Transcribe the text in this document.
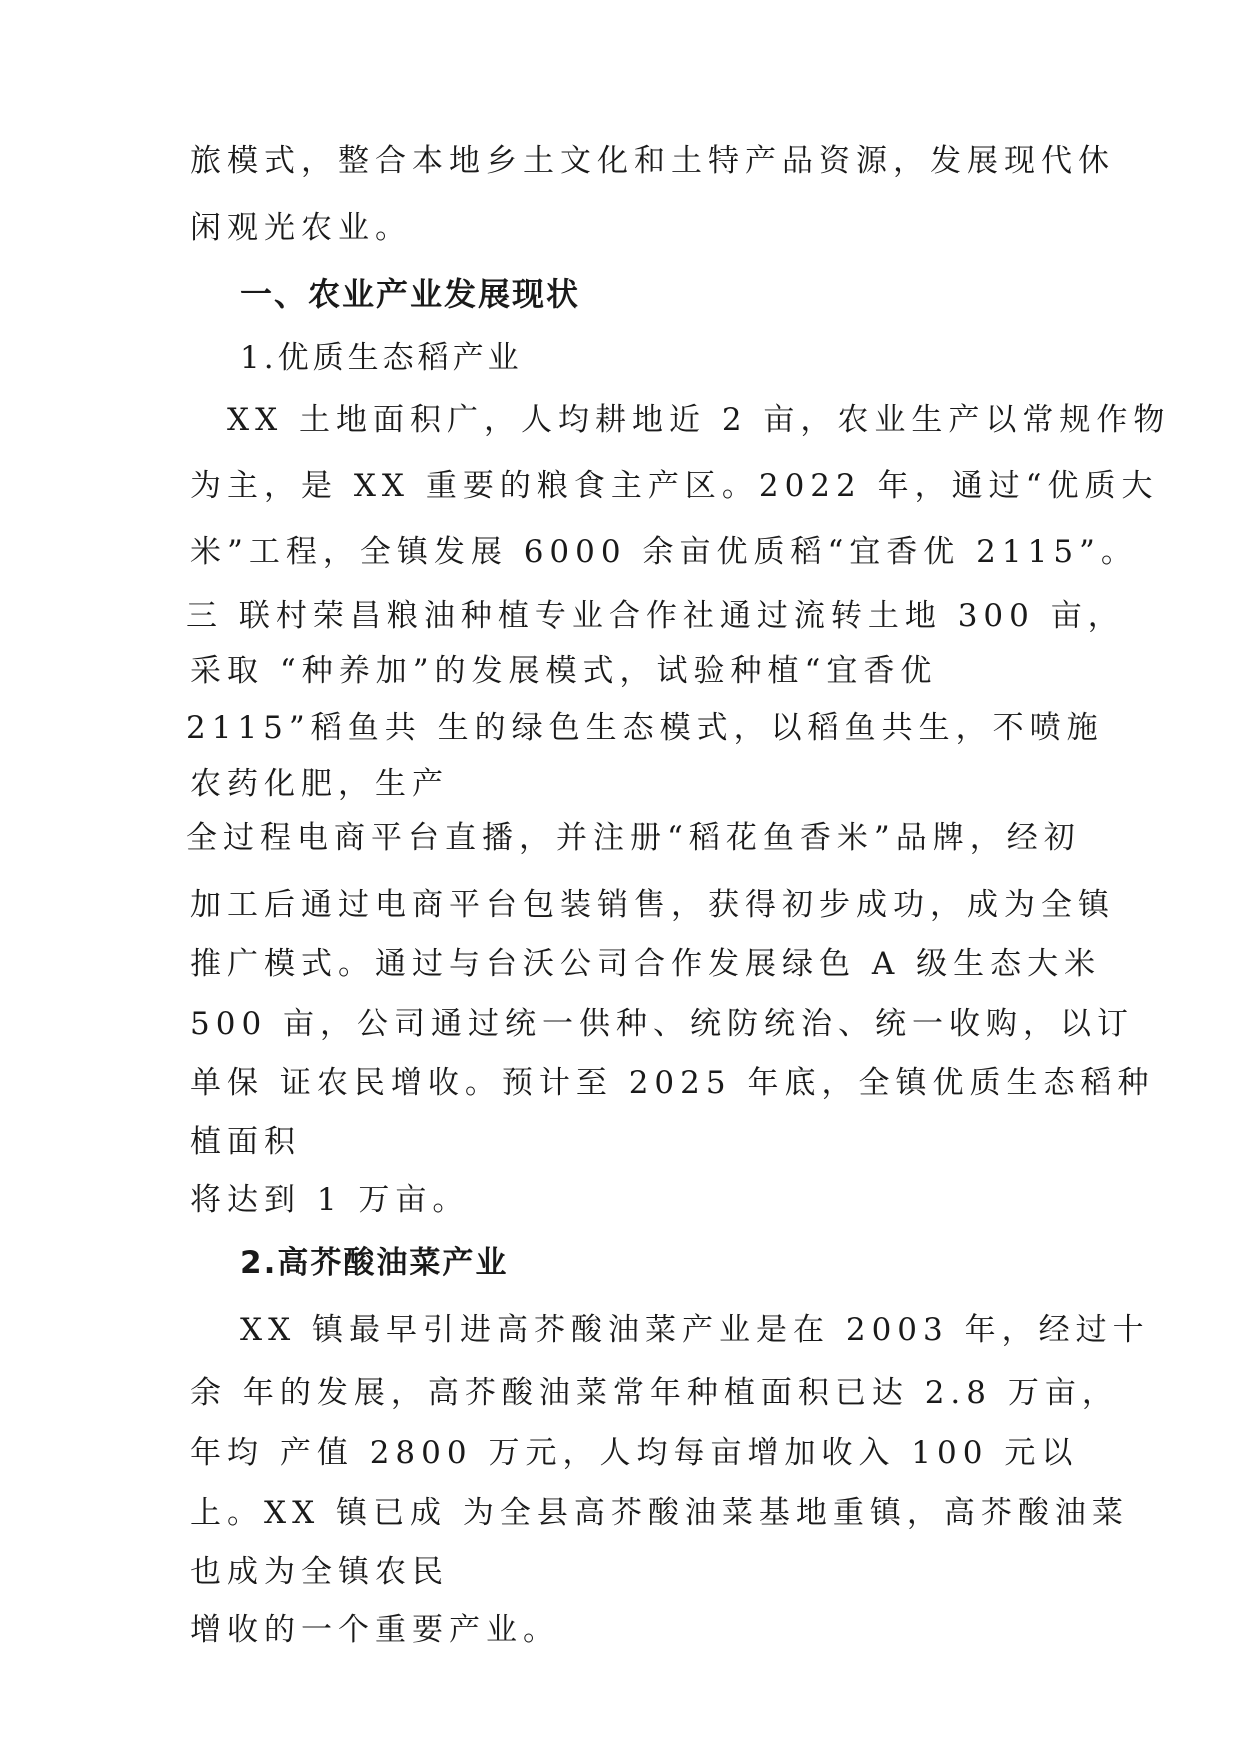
旅模式，整合本地乡土文化和土特产品资源，发展现代休
闲观光农业。
一、农业产业发展现状
1.优质生态稻产业
XX 土地面积广，人均耕地近 2 亩，农业生产以常规作物
为主，是 XX 重要的粮食主产区。2022 年，通过“优质大
米”工程，全镇发展 6000 余亩优质稻“宜香优 2115”。
三 联村荣昌粮油种植专业合作社通过流转土地 300 亩，
采取 “种养加”的发展模式，试验种植“宜香优
2115”稻鱼共 生的绿色生态模式，以稻鱼共生，不喷施
农药化肥，生产
全过程电商平台直播，并注册“稻花鱼香米”品牌，经初
加工后通过电商平台包装销售，获得初步成功，成为全镇
推广模式。通过与台沃公司合作发展绿色 A 级生态大米
500 亩，公司通过统一供种、统防统治、统一收购，以订
单保 证农民增收。预计至 2025 年底，全镇优质生态稻种
植面积
将达到 1 万亩。
2.高芥酸油菜产业
XX 镇最早引进高芥酸油菜产业是在 2003 年，经过十
余 年的发展，高芥酸油菜常年种植面积已达 2.8 万亩，
年均 产值 2800 万元，人均每亩增加收入 100 元以
上。XX 镇已成 为全县高芥酸油菜基地重镇，高芥酸油菜
也成为全镇农民
增收的一个重要产业。
